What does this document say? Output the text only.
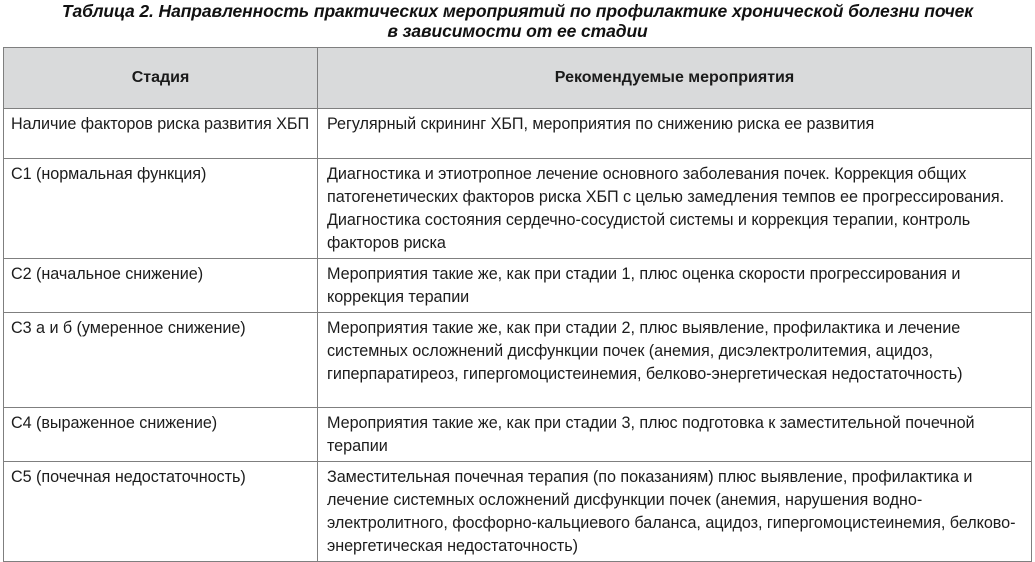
Таблица 2. Направленность практических мероприятий по профилактике хронической болезни почек
в зависимости от ее стадии

Стадия	Рекомендуемые мероприятия
Наличие факторов риска развития ХБП	Регулярный скрининг ХБП, мероприятия по снижению риска ее развития
С1 (нормальная функция)	Диагностика и этиотропное лечение основного заболевания почек. Коррекция общих патогенетических факторов риска ХБП с целью замедления темпов ее прогрессирования. Диагностика состояния сердечно-сосудистой системы и коррекция терапии, контроль факторов риска
С2 (начальное снижение)	Мероприятия такие же, как при стадии 1, плюс оценка скорости прогрессирования и коррекция терапии
С3 а и б (умеренное снижение)	Мероприятия такие же, как при стадии 2, плюс выявление, профилактика и лечение системных осложнений дисфункции почек (анемия, дисэлектролитемия, ацидоз, гиперпаратиреоз, гипергомоцистеинемия, белково-энергетическая недостаточность)
С4 (выраженное снижение)	Мероприятия такие же, как при стадии 3, плюс подготовка к заместительной почечной терапии
С5 (почечная недостаточность)	Заместительная почечная терапия (по показаниям) плюс выявление, профилактика и лечение системных осложнений дисфункции почек (анемия, нарушения водно-электролитного, фосфорно-кальциевого баланса, ацидоз, гипергомоцистеинемия, белково-энергетическая недостаточность)
